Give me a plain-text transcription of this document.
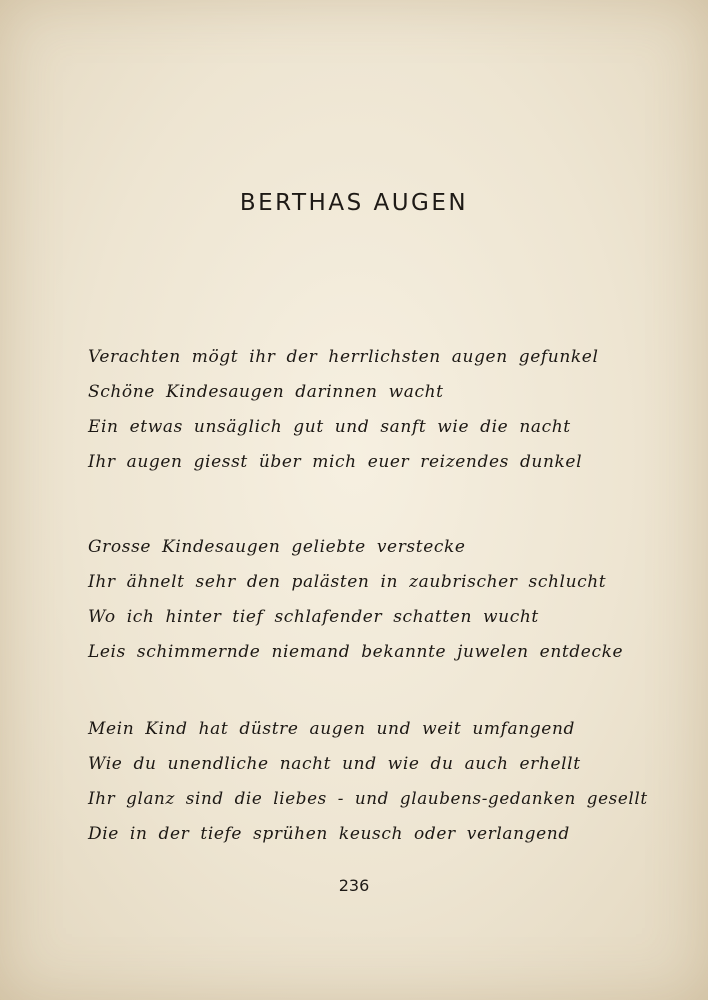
BERTHAS AUGEN
Verachten mögt ihr der herrlichsten augen gefunkel
Schöne Kindesaugen darinnen wacht
Ein etwas unsäglich gut und sanft wie die nacht
Ihr augen giesst über mich euer reizendes dunkel
Grosse Kindesaugen geliebte verstecke
Ihr ähnelt sehr den palästen in zaubrischer schlucht
Wo ich hinter tief schlafender schatten wucht
Leis schimmernde niemand bekannte juwelen entdecke
Mein Kind hat düstre augen und weit umfangend
Wie du unendliche nacht und wie du auch erhellt
Ihr glanz sind die liebes - und glaubens-gedanken gesellt
Die in der tiefe sprühen keusch oder verlangend
236
